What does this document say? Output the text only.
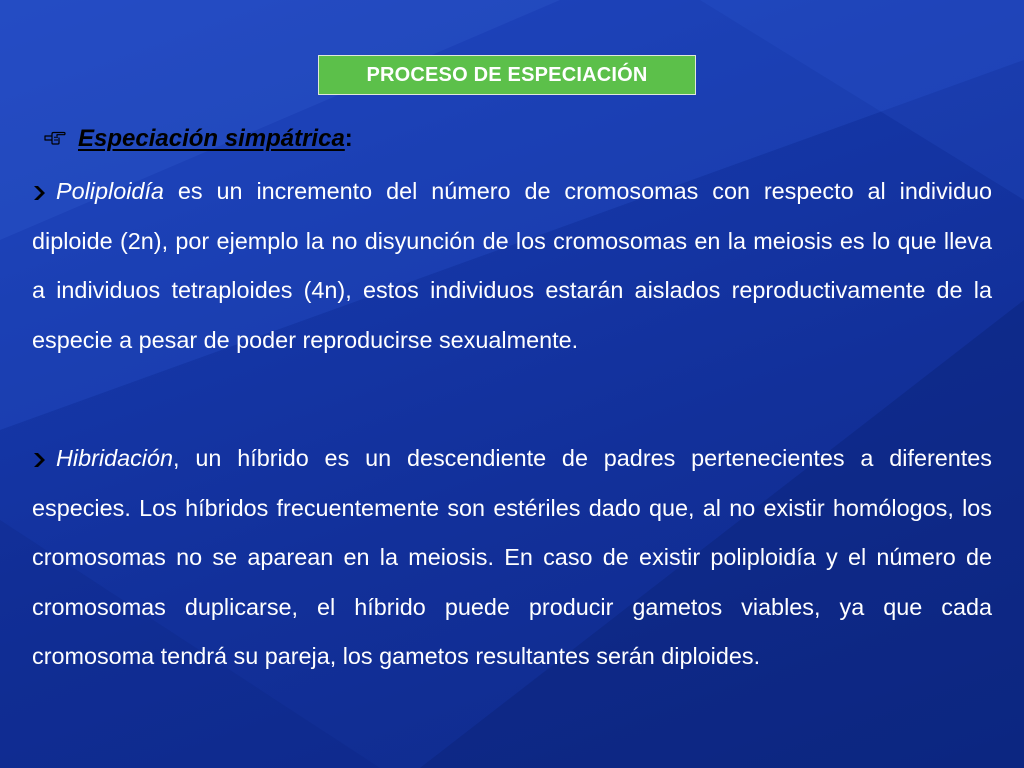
PROCESO DE ESPECIACIÓN
Especiación simpátrica:

Poliploidía es un incremento del número de cromosomas con respecto al individuo diploide (2n), por ejemplo la no disyunción de los cromosomas en la meiosis es lo que lleva a individuos tetraploides (4n), estos individuos estarán aislados reproductivamente de la especie a pesar de poder reproducirse sexualmente.

Hibridación, un híbrido es un descendiente de padres pertenecientes a diferentes especies. Los híbridos frecuentemente son estériles dado que, al no existir homólogos, los cromosomas no se aparean en la meiosis. En caso de existir poliploidía y el número de cromosomas duplicarse, el híbrido puede producir gametos viables, ya que cada cromosoma tendrá su pareja, los gametos resultantes serán diploides.
